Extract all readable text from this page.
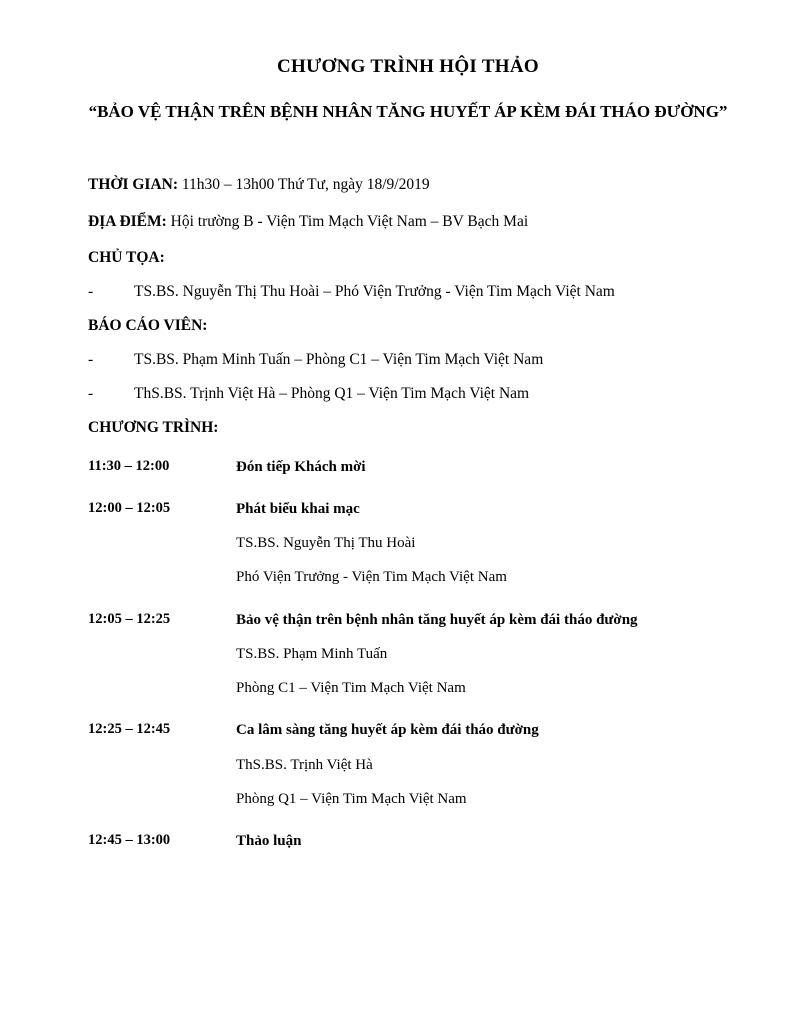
CHƯƠNG TRÌNH HỘI THẢO
“BẢO VỆ THẬN TRÊN BỆNH NHÂN TĂNG HUYẾT ÁP KÈM ĐÁI THÁO ĐƯỜNG”
THỜI GIAN: 11h30 – 13h00 Thứ Tư, ngày 18/9/2019
ĐỊA ĐIỂM: Hội trường B - Viện Tim Mạch Việt Nam – BV Bạch Mai
CHỦ TỌA:
-	TS.BS. Nguyễn Thị Thu Hoài – Phó Viện Trưởng - Viện Tim Mạch Việt Nam
BÁO CÁO VIÊN:
-	TS.BS. Phạm Minh Tuấn – Phòng C1 – Viện Tim Mạch Việt Nam
-	ThS.BS. Trịnh Việt Hà – Phòng Q1 – Viện Tim Mạch Việt Nam
CHƯƠNG TRÌNH:
11:30 – 12:00	Đón tiếp Khách mời
12:00 – 12:05	Phát biểu khai mạc
TS.BS. Nguyễn Thị Thu Hoài
Phó Viện Trưởng - Viện Tim Mạch Việt Nam
12:05 – 12:25	Bảo vệ thận trên bệnh nhân tăng huyết áp kèm đái tháo đường
TS.BS. Phạm Minh Tuấn
Phòng C1 – Viện Tim Mạch Việt Nam
12:25 – 12:45	Ca lâm sàng tăng huyết áp kèm đái tháo đường
ThS.BS. Trịnh Việt Hà
Phòng Q1 – Viện Tim Mạch Việt Nam
12:45 – 13:00	Thảo luận
